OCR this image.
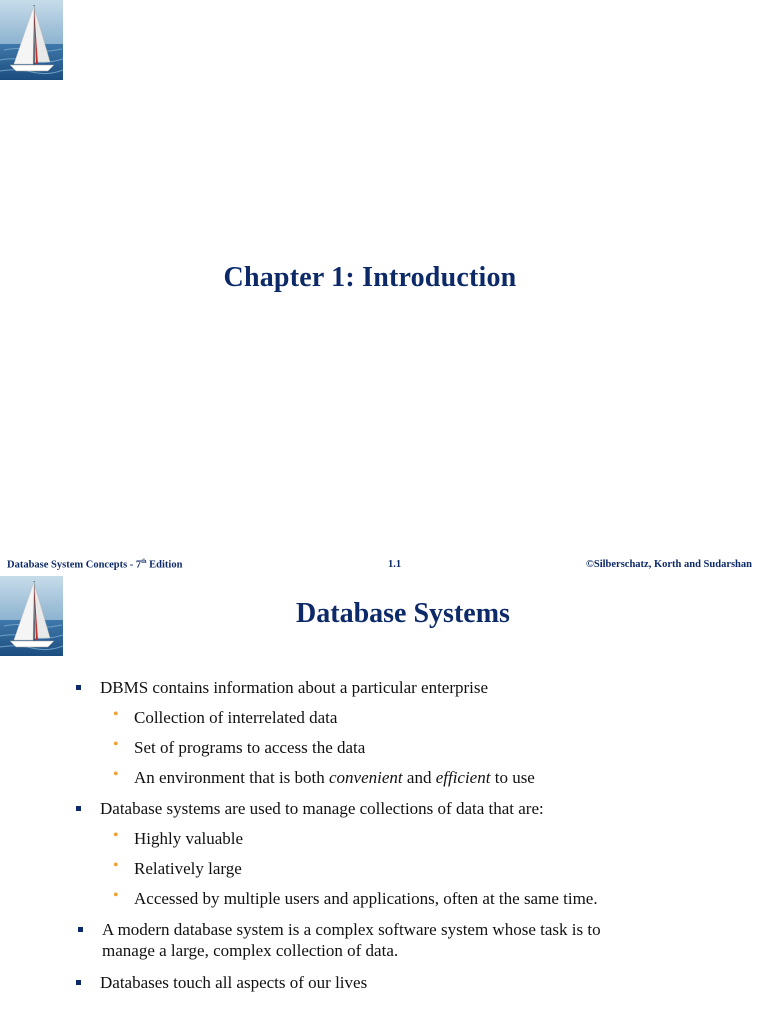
Chapter 1: Introduction
Database System Concepts - 7th Edition	1.1	©Silberschatz, Korth and Sudarshan
Database Systems
DBMS contains information about a particular enterprise
• Collection of interrelated data
• Set of programs to access the data
• An environment that is both convenient and efficient to use
Database systems are used to manage collections of data that are:
• Highly valuable
• Relatively large
• Accessed by multiple users and applications, often at the same time.
A modern database system is a complex software system whose task is to
manage a large, complex collection of data.
Databases touch all aspects of our lives
